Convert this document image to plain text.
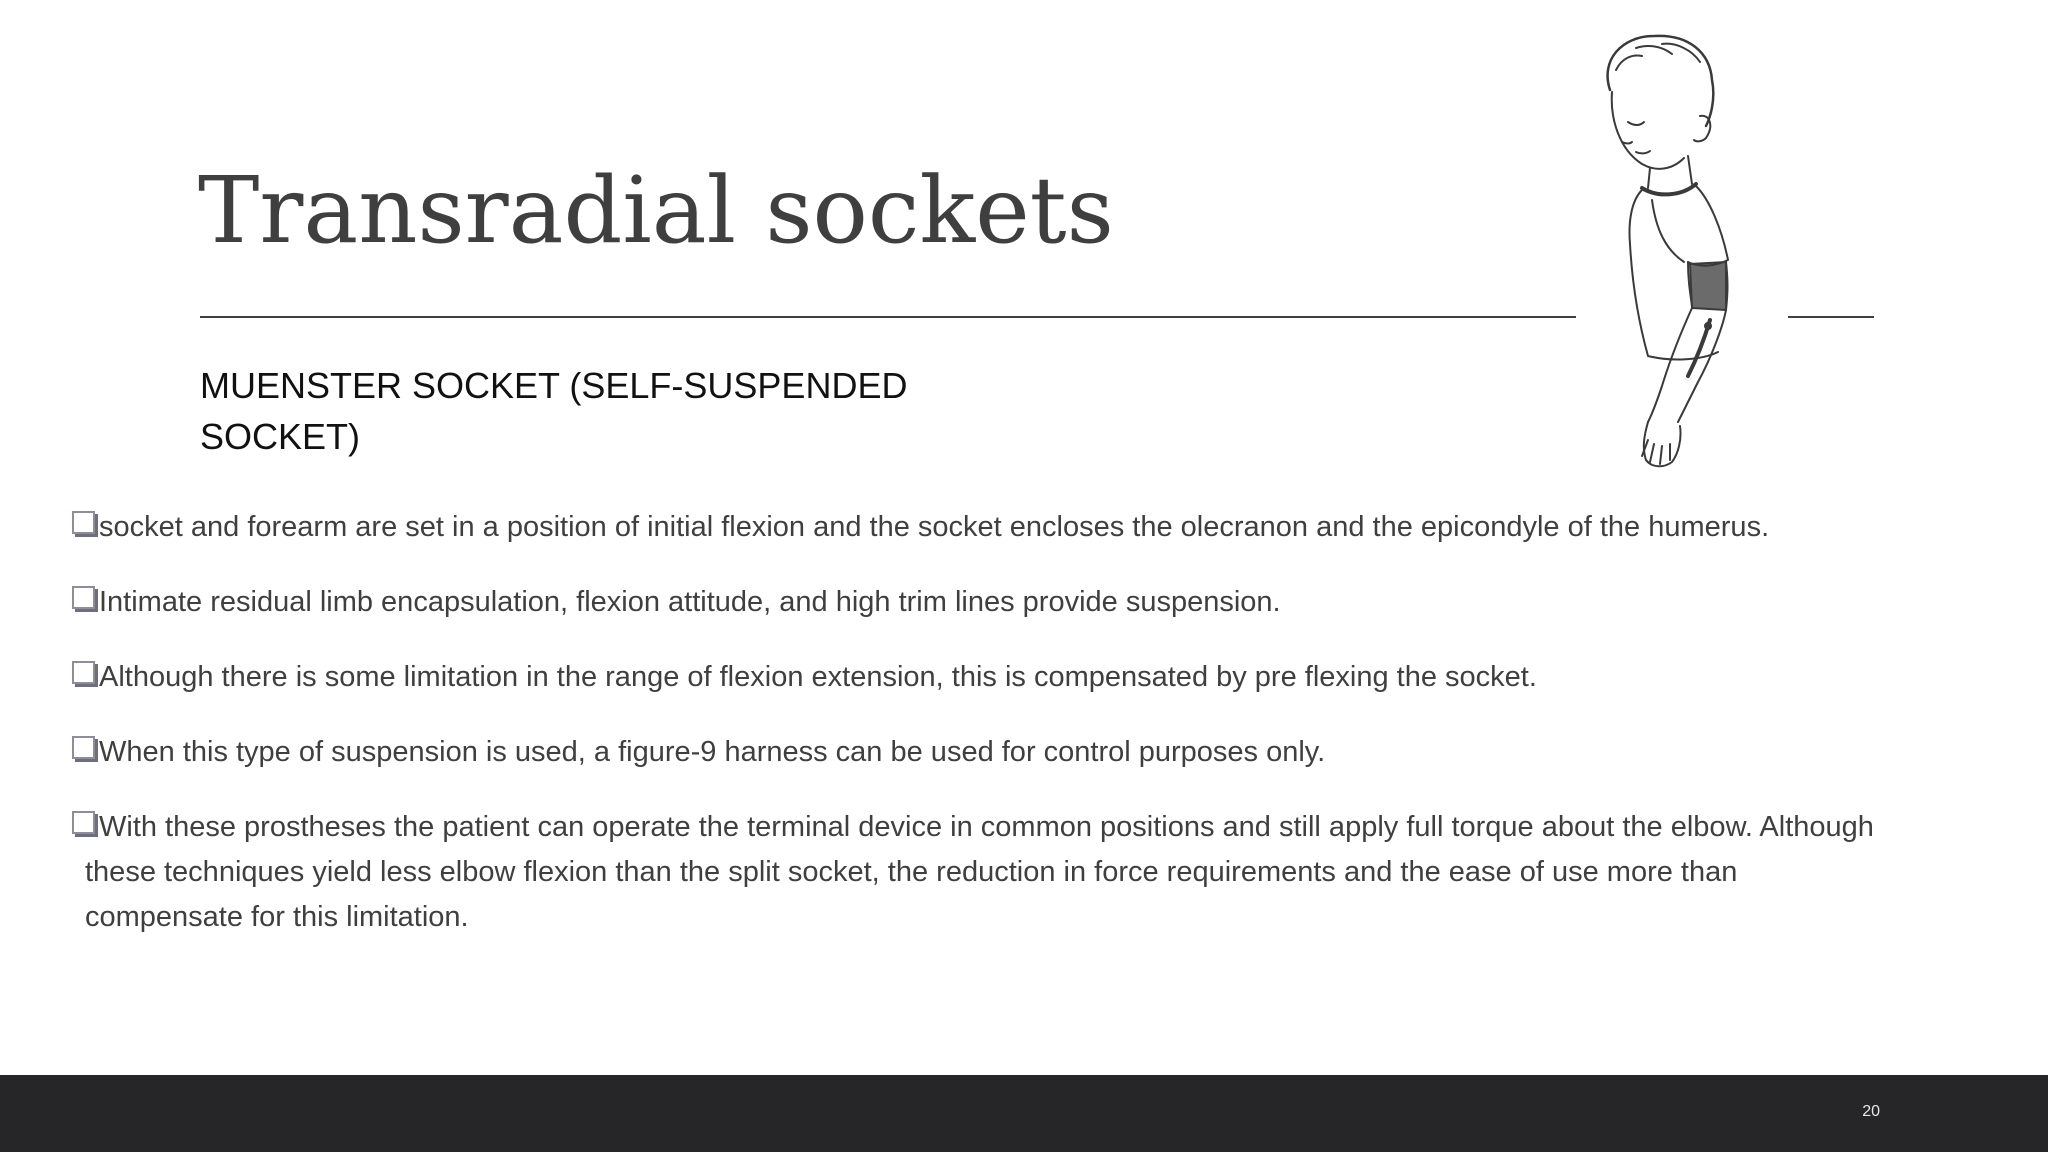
Transradial sockets

MUENSTER SOCKET (SELF-SUSPENDED SOCKET)

socket and forearm are set in a position of initial flexion and the socket encloses the olecranon and the epicondyle of the humerus.
Intimate residual limb encapsulation, flexion attitude, and high trim lines provide suspension.
Although there is some limitation in the range of flexion extension, this is compensated by pre flexing the socket.
When this type of suspension is used, a figure-9 harness can be used for control purposes only.
With these prostheses the patient can operate the terminal device in common positions and still apply full torque about the elbow. Although these techniques yield less elbow flexion than the split socket, the reduction in force requirements and the ease of use more than compensate for this limitation.
20
